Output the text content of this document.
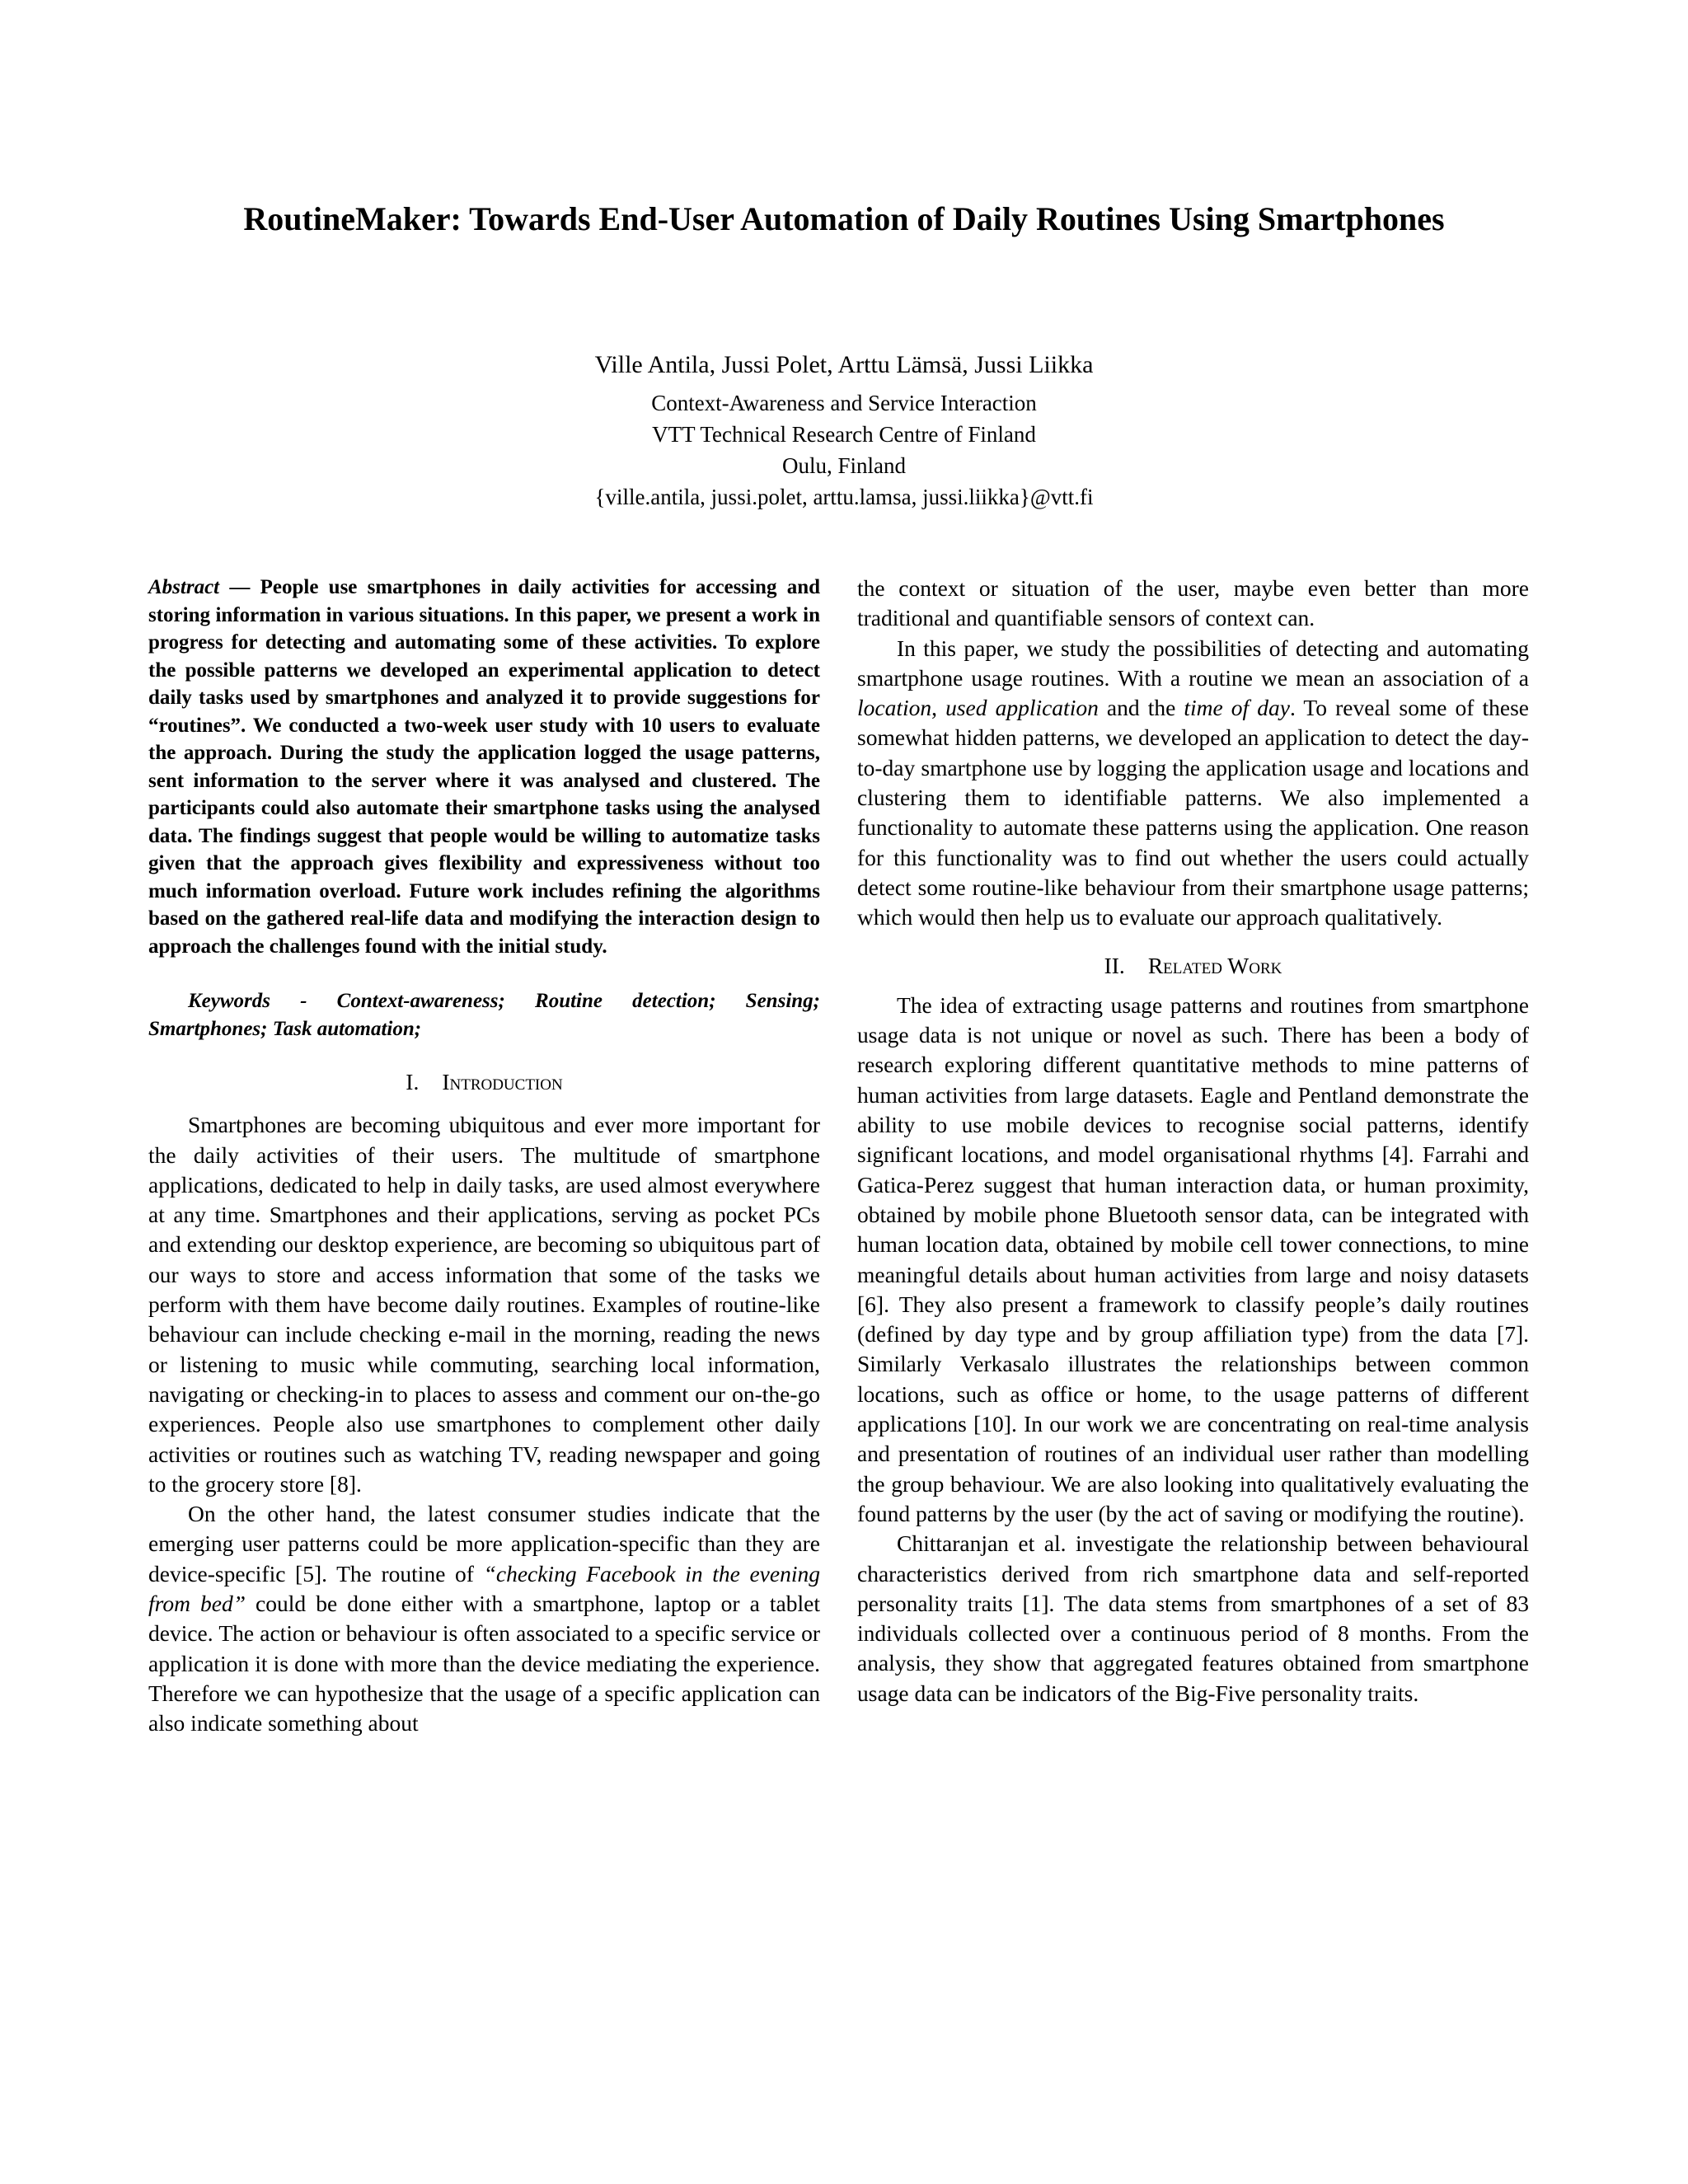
RoutineMaker: Towards End-User Automation of Daily Routines Using Smartphones

Ville Antila, Jussi Polet, Arttu Lämsä, Jussi Liikka

Context-Awareness and Service Interaction
VTT Technical Research Centre of Finland
Oulu, Finland
{ville.antila, jussi.polet, arttu.lamsa, jussi.liikka}@vtt.fi

Abstract — People use smartphones in daily activities for accessing and storing information in various situations. In this paper, we present a work in progress for detecting and automating some of these activities. To explore the possible patterns we developed an experimental application to detect daily tasks used by smartphones and analyzed it to provide suggestions for “routines”. We conducted a two-week user study with 10 users to evaluate the approach. During the study the application logged the usage patterns, sent information to the server where it was analysed and clustered. The participants could also automate their smartphone tasks using the analysed data. The findings suggest that people would be willing to automatize tasks given that the approach gives flexibility and expressiveness without too much information overload. Future work includes refining the algorithms based on the gathered real-life data and modifying the interaction design to approach the challenges found with the initial study.

Keywords - Context-awareness; Routine detection; Sensing; Smartphones; Task automation;

I. Introduction

Smartphones are becoming ubiquitous and ever more important for the daily activities of their users. The multitude of smartphone applications, dedicated to help in daily tasks, are used almost everywhere at any time. Smartphones and their applications, serving as pocket PCs and extending our desktop experience, are becoming so ubiquitous part of our ways to store and access information that some of the tasks we perform with them have become daily routines. Examples of routine-like behaviour can include checking e-mail in the morning, reading the news or listening to music while commuting, searching local information, navigating or checking-in to places to assess and comment our on-the-go experiences. People also use smartphones to complement other daily activities or routines such as watching TV, reading newspaper and going to the grocery store [8].

On the other hand, the latest consumer studies indicate that the emerging user patterns could be more application-specific than they are device-specific [5]. The routine of “checking Facebook in the evening from bed” could be done either with a smartphone, laptop or a tablet device. The action or behaviour is often associated to a specific service or application it is done with more than the device mediating the experience. Therefore we can hypothesize that the usage of a specific application can also indicate something about

the context or situation of the user, maybe even better than more traditional and quantifiable sensors of context can.

In this paper, we study the possibilities of detecting and automating smartphone usage routines. With a routine we mean an association of a location, used application and the time of day. To reveal some of these somewhat hidden patterns, we developed an application to detect the day-to-day smartphone use by logging the application usage and locations and clustering them to identifiable patterns. We also implemented a functionality to automate these patterns using the application. One reason for this functionality was to find out whether the users could actually detect some routine-like behaviour from their smartphone usage patterns; which would then help us to evaluate our approach qualitatively.

II. Related Work

The idea of extracting usage patterns and routines from smartphone usage data is not unique or novel as such. There has been a body of research exploring different quantitative methods to mine patterns of human activities from large datasets. Eagle and Pentland demonstrate the ability to use mobile devices to recognise social patterns, identify significant locations, and model organisational rhythms [4]. Farrahi and Gatica-Perez suggest that human interaction data, or human proximity, obtained by mobile phone Bluetooth sensor data, can be integrated with human location data, obtained by mobile cell tower connections, to mine meaningful details about human activities from large and noisy datasets [6]. They also present a framework to classify people’s daily routines (defined by day type and by group affiliation type) from the data [7]. Similarly Verkasalo illustrates the relationships between common locations, such as office or home, to the usage patterns of different applications [10]. In our work we are concentrating on real-time analysis and presentation of routines of an individual user rather than modelling the group behaviour. We are also looking into qualitatively evaluating the found patterns by the user (by the act of saving or modifying the routine).

Chittaranjan et al. investigate the relationship between behavioural characteristics derived from rich smartphone data and self-reported personality traits [1]. The data stems from smartphones of a set of 83 individuals collected over a continuous period of 8 months. From the analysis, they show that aggregated features obtained from smartphone usage data can be indicators of the Big-Five personality traits.
